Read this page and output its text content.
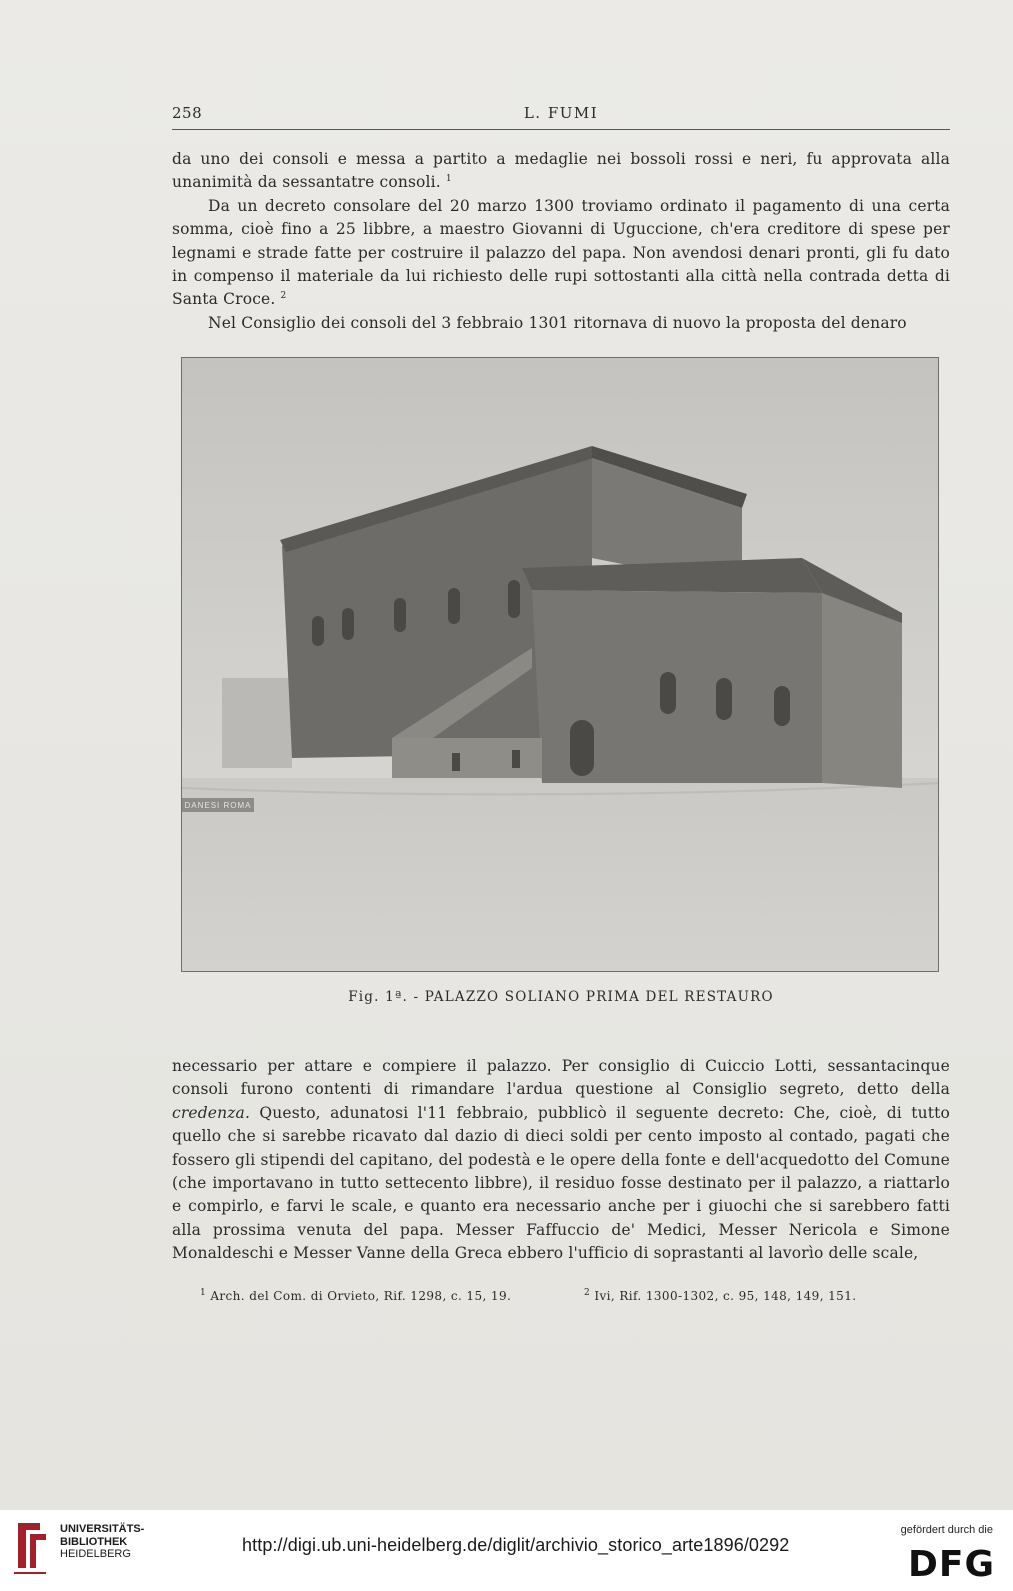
258	L. FUMI

da uno dei consoli e messa a partito a medaglie nei bossoli rossi e neri, fu approvata alla unanimità da sessantatre consoli. $^1$

Da un decreto consolare del 20 marzo 1300 troviamo ordinato il pagamento di una certa somma, cioè fino a 25 libbre, a maestro Giovanni di Uguccione, ch'era creditore di spese per legnami e strade fatte per costruire il palazzo del papa. Non avendosi denari pronti, gli fu dato in compenso il materiale da lui richiesto delle rupi sottostanti alla città nella contrada detta di Santa Croce. $^2$

Nel Consiglio dei consoli del 3 febbraio 1301 ritornava di nuovo la proposta del denaro

DANESI ROMA
Fig. 1ª. - PALAZZO SOLIANO PRIMA DEL RESTAURO

necessario per attare e compiere il palazzo. Per consiglio di Cuiccio Lotti, sessantacinque consoli furono contenti di rimandare l'ardua questione al Consiglio segreto, detto della credenza. Questo, adunatosi l'11 febbraio, pubblicò il seguente decreto: Che, cioè, di tutto quello che si sarebbe ricavato dal dazio di dieci soldi per cento imposto al contado, pagati che fossero gli stipendi del capitano, del podestà e le opere della fonte e dell'acquedotto del Comune (che importavano in tutto settecento libbre), il residuo fosse destinato per il palazzo, a riattarlo e compirlo, e farvi le scale, e quanto era necessario anche per i giuochi che si sarebbero fatti alla prossima venuta del papa. Messer Faffuccio de' Medici, Messer Nericola e Simone Monaldeschi e Messer Vanne della Greca ebbero l'ufficio di soprastanti al lavorìo delle scale,

$^1$ Arch. del Com. di Orvieto, Rif. 1298, c. 15, 19.	$^2$ Ivi, Rif. 1300-1302, c. 95, 148, 149, 151.
UNIVERSITÄTS-
BIBLIOTHEK
HEIDELBERG	http://digi.ub.uni-heidelberg.de/diglit/archivio_storico_arte1896/0292
gefördert durch die
DFG
